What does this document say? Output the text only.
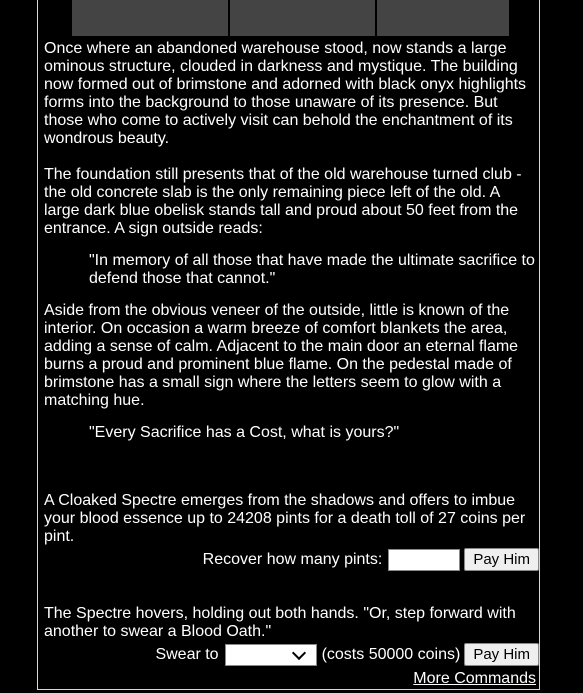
Once where an abandoned warehouse stood, now stands a large ominous structure, clouded in darkness and mystique. The building now formed out of brimstone and adorned with black onyx highlights forms into the background to those unaware of its presence. But those who come to actively visit can behold the enchantment of its wondrous beauty.

The foundation still presents that of the old warehouse turned club - the old concrete slab is the only remaining piece left of the old. A large dark blue obelisk stands tall and proud about 50 feet from the entrance. A sign outside reads:

"In memory of all those that have made the ultimate sacrifice to defend those that cannot."

Aside from the obvious veneer of the outside, little is known of the interior. On occasion a warm breeze of comfort blankets the area, adding a sense of calm. Adjacent to the main door an eternal flame burns a proud and prominent blue flame. On the pedestal made of brimstone has a small sign where the letters seem to glow with a matching hue.

"Every Sacrifice has a Cost, what is yours?"

A Cloaked Spectre emerges from the shadows and offers to imbue your blood essence up to 24208 pints for a death toll of 27 coins per pint.

Recover how many pints:	Pay Him

The Spectre hovers, holding out both hands. "Or, step forward with another to swear a Blood Oath."

Swear to	(costs 50000 coins) Pay Him
More Commands
